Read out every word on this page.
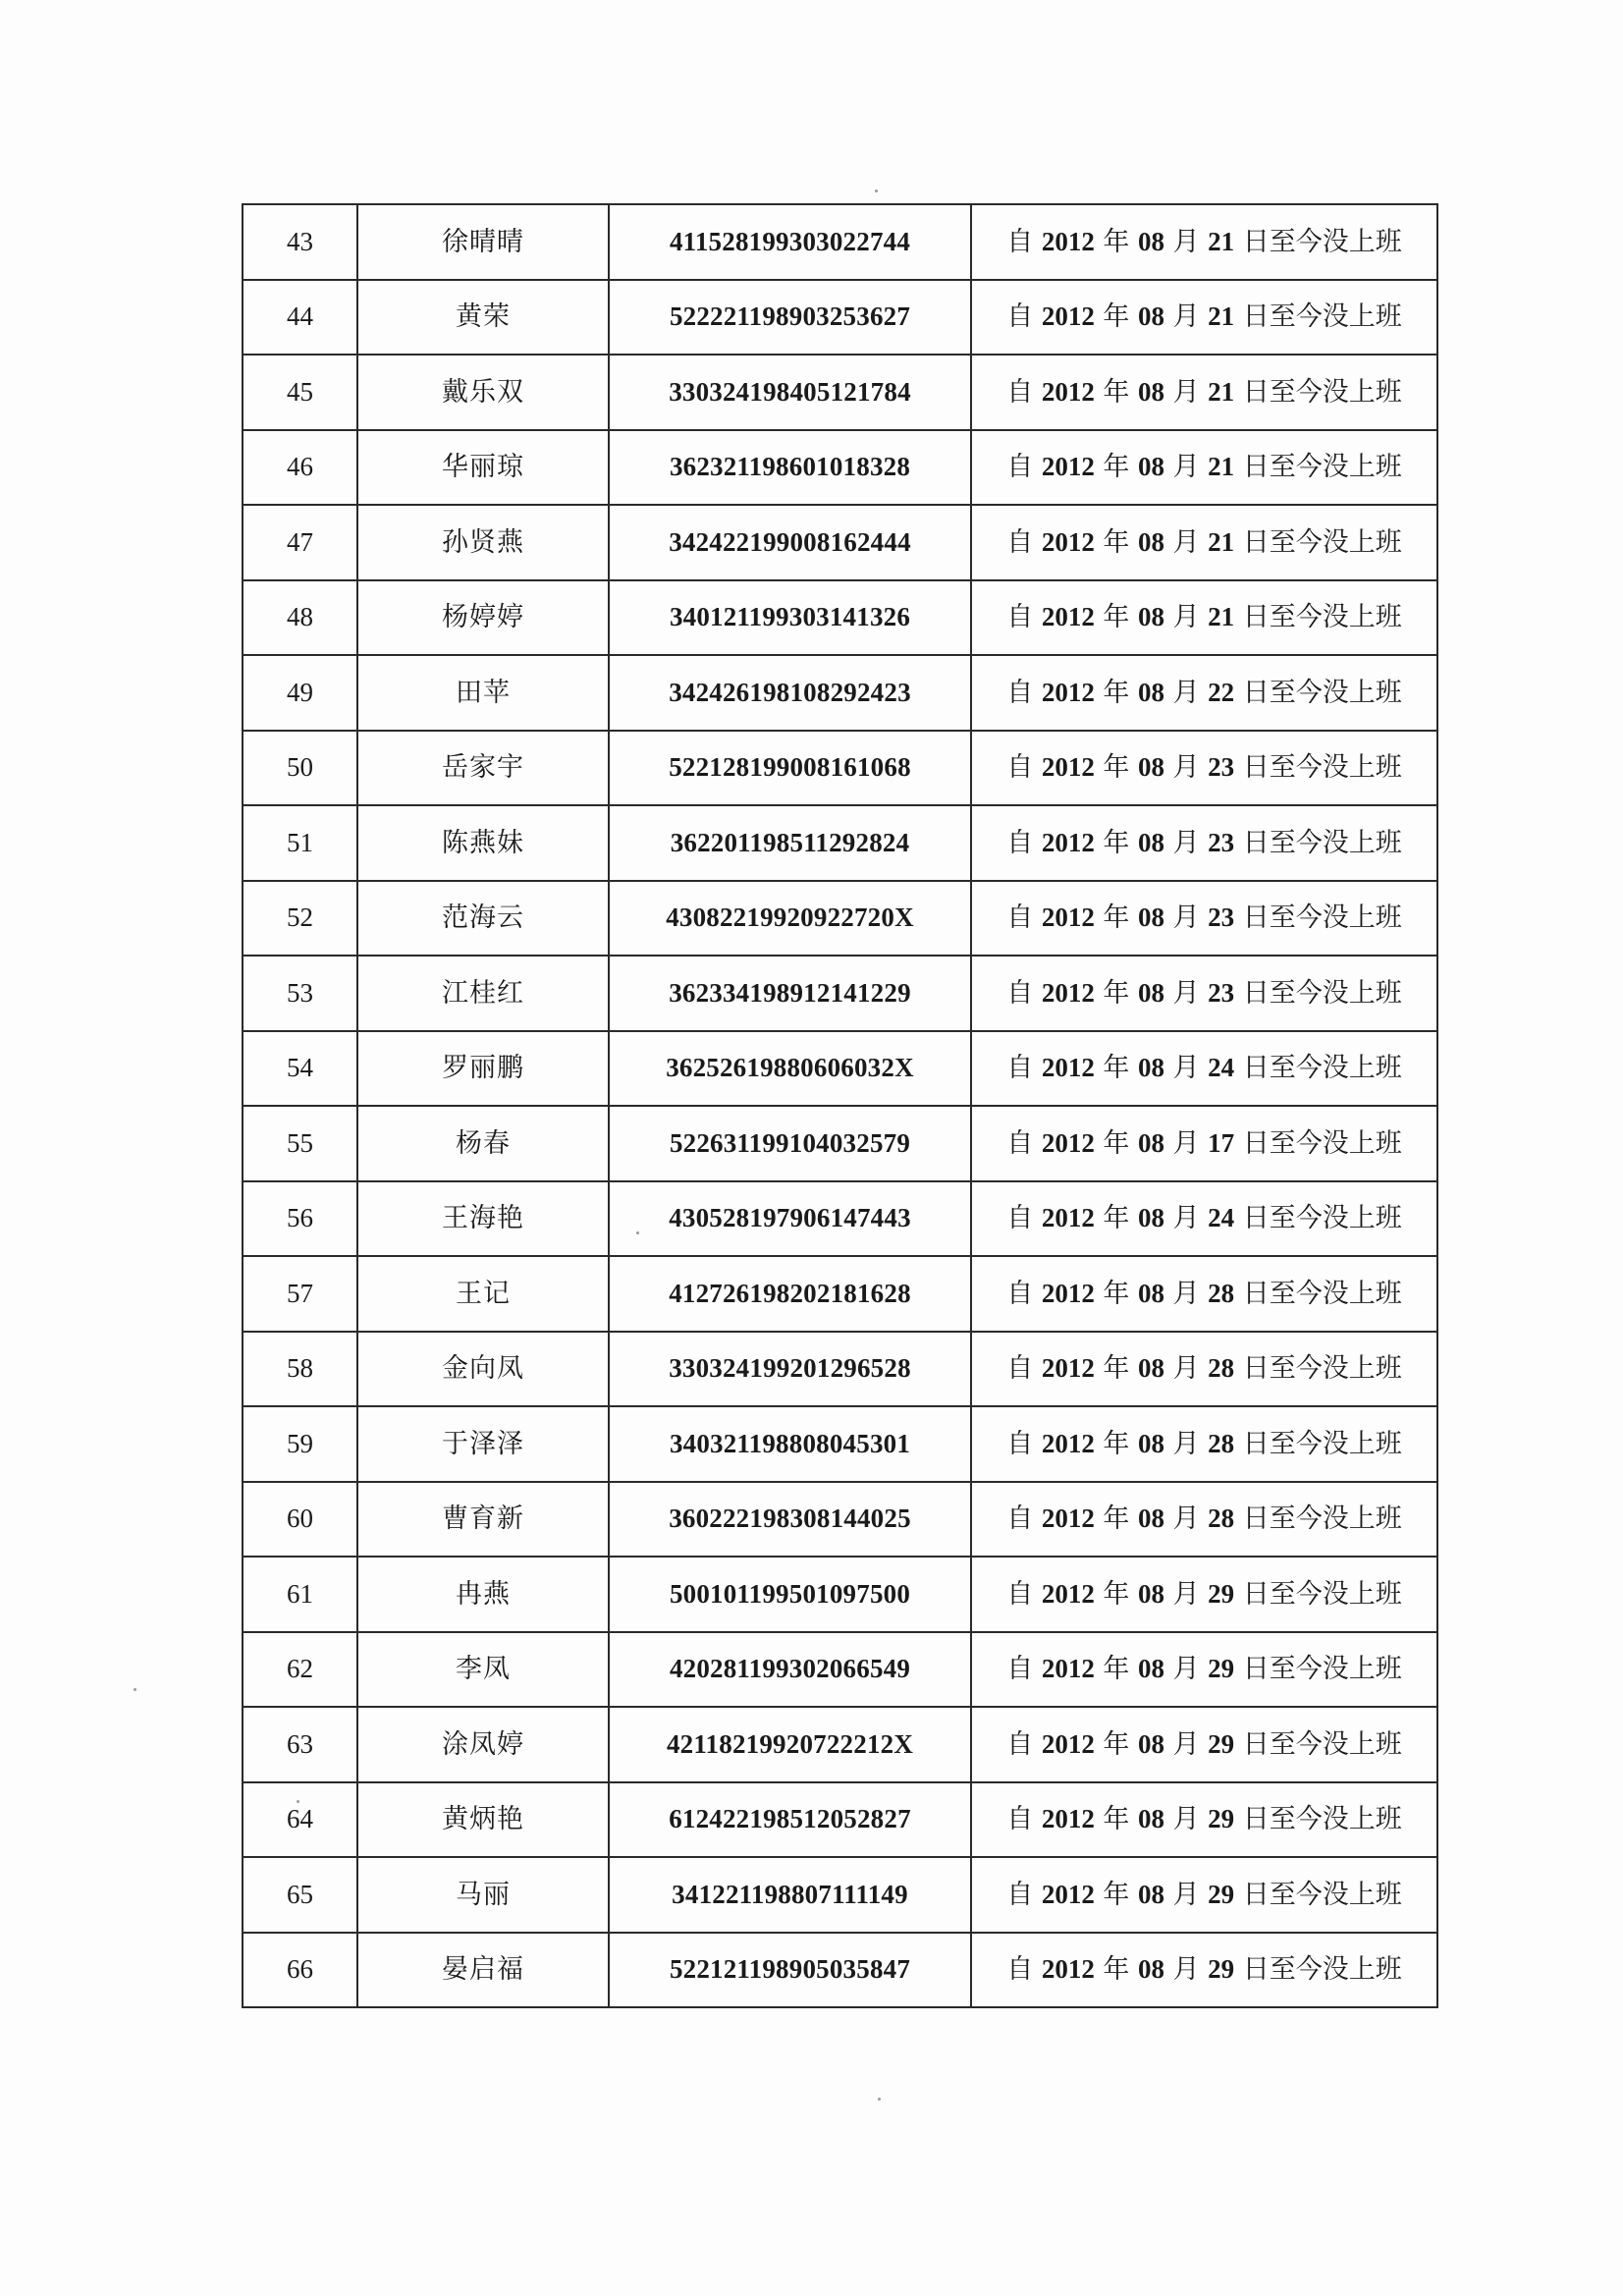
43	徐晴晴	411528199303022744	自 2012 年 08 月 21 日至今没上班
44	黄荣	522221198903253627	自 2012 年 08 月 21 日至今没上班
45	戴乐双	330324198405121784	自 2012 年 08 月 21 日至今没上班
46	华丽琼	362321198601018328	自 2012 年 08 月 21 日至今没上班
47	孙贤燕	342422199008162444	自 2012 年 08 月 21 日至今没上班
48	杨婷婷	340121199303141326	自 2012 年 08 月 21 日至今没上班
49	田苹	342426198108292423	自 2012 年 08 月 22 日至今没上班
50	岳家宇	522128199008161068	自 2012 年 08 月 23 日至今没上班
51	陈燕妹	362201198511292824	自 2012 年 08 月 23 日至今没上班
52	范海云	43082219920922720X	自 2012 年 08 月 23 日至今没上班
53	江桂红	362334198912141229	自 2012 年 08 月 23 日至今没上班
54	罗丽鹏	36252619880606032X	自 2012 年 08 月 24 日至今没上班
55	杨春	522631199104032579	自 2012 年 08 月 17 日至今没上班
56	王海艳	430528197906147443	自 2012 年 08 月 24 日至今没上班
57	王记	412726198202181628	自 2012 年 08 月 28 日至今没上班
58	金向凤	330324199201296528	自 2012 年 08 月 28 日至今没上班
59	于泽泽	340321198808045301	自 2012 年 08 月 28 日至今没上班
60	曹育新	360222198308144025	自 2012 年 08 月 28 日至今没上班
61	冉燕	500101199501097500	自 2012 年 08 月 29 日至今没上班
62	李凤	420281199302066549	自 2012 年 08 月 29 日至今没上班
63	涂凤婷	42118219920722212X	自 2012 年 08 月 29 日至今没上班
64	黄炳艳	612422198512052827	自 2012 年 08 月 29 日至今没上班
65	马丽	341221198807111149	自 2012 年 08 月 29 日至今没上班
66	晏启福	522121198905035847	自 2012 年 08 月 29 日至今没上班
